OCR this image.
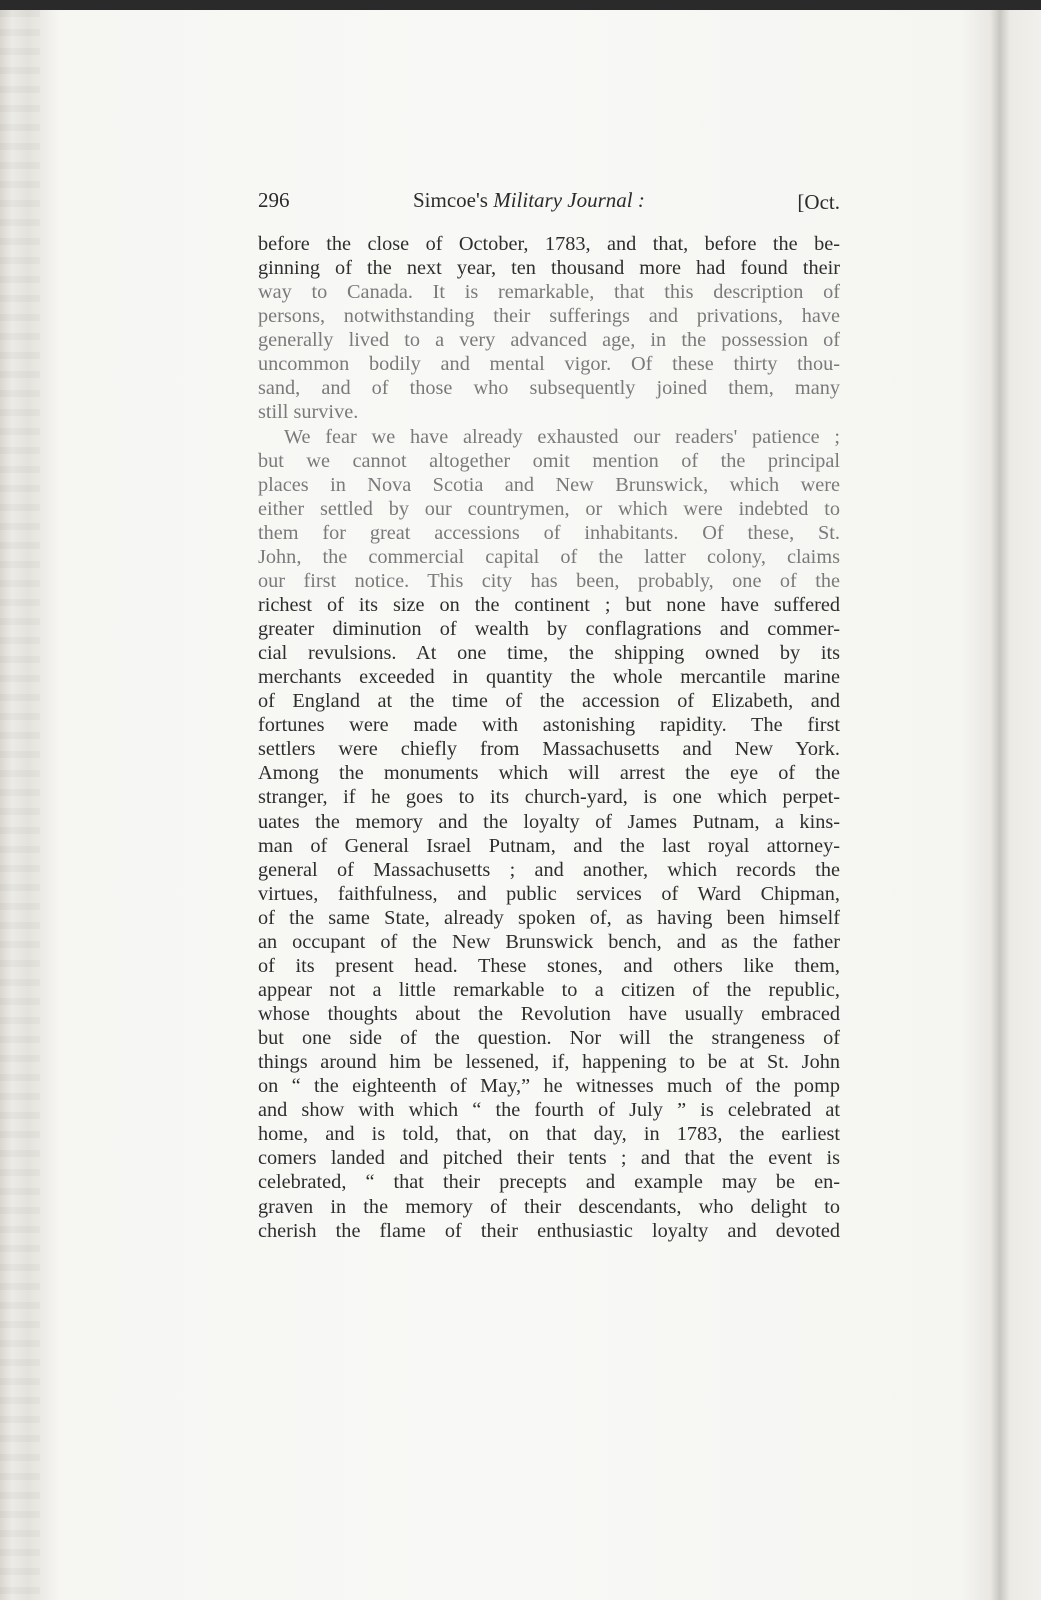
296	Simcoe's Military Journal :	[Oct.
before the close of October, 1783, and that, before the be-
ginning of the next year, ten thousand more had found their
way to Canada. It is remarkable, that this description of
persons, notwithstanding their sufferings and privations, have
generally lived to a very advanced age, in the possession of
uncommon bodily and mental vigor. Of these thirty thou-
sand, and of those who subsequently joined them, many
still survive.
We fear we have already exhausted our readers' patience ;
but we cannot altogether omit mention of the principal
places in Nova Scotia and New Brunswick, which were
either settled by our countrymen, or which were indebted to
them for great accessions of inhabitants. Of these, St.
John, the commercial capital of the latter colony, claims
our first notice. This city has been, probably, one of the
richest of its size on the continent ; but none have suffered
greater diminution of wealth by conflagrations and commer-
cial revulsions. At one time, the shipping owned by its
merchants exceeded in quantity the whole mercantile marine
of England at the time of the accession of Elizabeth, and
fortunes were made with astonishing rapidity. The first
settlers were chiefly from Massachusetts and New York.
Among the monuments which will arrest the eye of the
stranger, if he goes to its church-yard, is one which perpet-
uates the memory and the loyalty of James Putnam, a kins-
man of General Israel Putnam, and the last royal attorney-
general of Massachusetts ; and another, which records the
virtues, faithfulness, and public services of Ward Chipman,
of the same State, already spoken of, as having been himself
an occupant of the New Brunswick bench, and as the father
of its present head. These stones, and others like them,
appear not a little remarkable to a citizen of the republic,
whose thoughts about the Revolution have usually embraced
but one side of the question. Nor will the strangeness of
things around him be lessened, if, happening to be at St. John
on “ the eighteenth of May,” he witnesses much of the pomp
and show with which “ the fourth of July ” is celebrated at
home, and is told, that, on that day, in 1783, the earliest
comers landed and pitched their tents ; and that the event is
celebrated, “ that their precepts and example may be en-
graven in the memory of their descendants, who delight to
cherish the flame of their enthusiastic loyalty and devoted
